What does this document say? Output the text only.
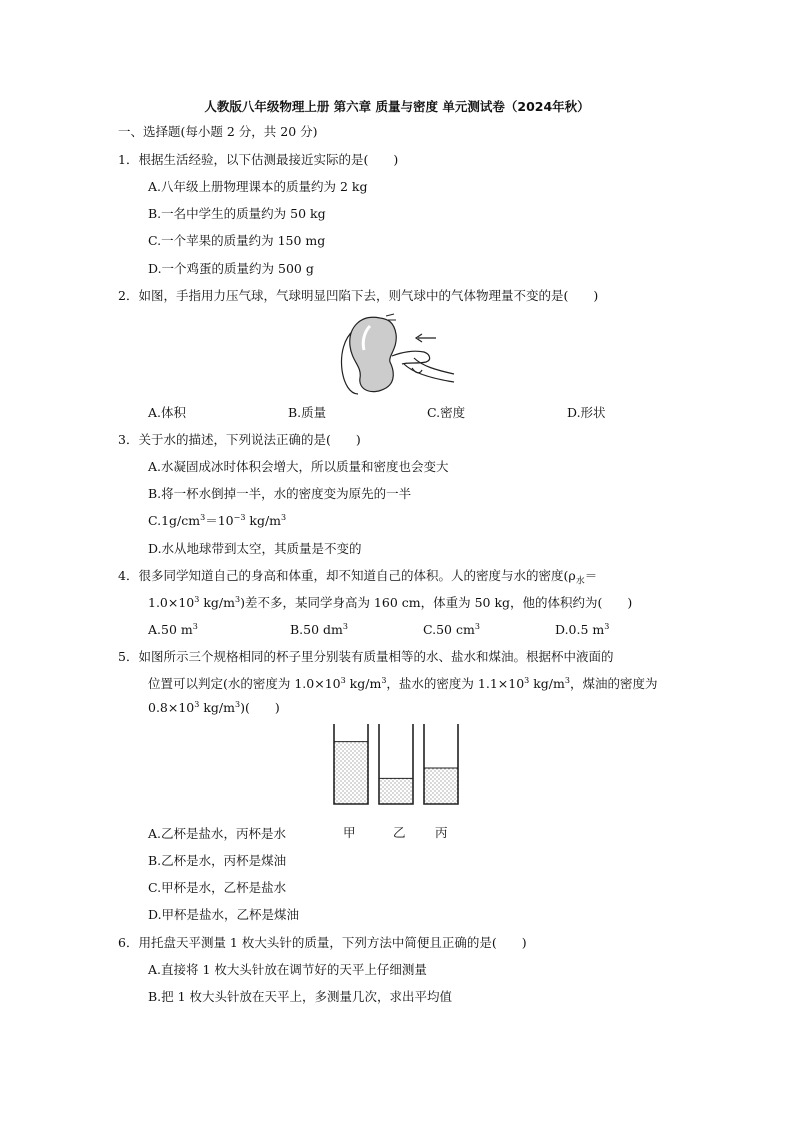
人教版八年级物理上册 第六章 质量与密度 单元测试卷（2024年秋）
一、选择题(每小题 2 分，共 20 分)
1．根据生活经验，以下估测最接近实际的是(　　)
A.八年级上册物理课本的质量约为 2 kg
B.一名中学生的质量约为 50 kg
C.一个苹果的质量约为 150 mg
D.一个鸡蛋的质量约为 500 g
2．如图，手指用力压气球，气球明显凹陷下去，则气球中的气体物理量不变的是(　　)
A.体积	B.质量	C.密度	D.形状
3．关于水的描述，下列说法正确的是(　　)
A.水凝固成冰时体积会增大，所以质量和密度也会变大
B.将一杯水倒掉一半，水的密度变为原先的一半
$C.1g/cm^3=10^{-3}$ $kg/m^3$
D.水从地球带到太空，其质量是不变的
4．很多同学知道自己的身高和体重，却不知道自己的体积。人的密度与水的密度($\rho_水=$
$1.0\times 10^3$ $kg/m^3$)差不多，某同学身高为 160 cm，体重为 50 kg，他的体积约为(　　)
A.50 $m^3$	B.50 $dm^3$	C.50 $cm^3$	D.0.5 $m^3$
5．如图所示三个规格相同的杯子里分别装有质量相等的水、盐水和煤油。根据杯中液面的
位置可以判定(水的密度为 $1.0\times 10^3$ $kg/m^3$，盐水的密度为 $1.1\times 10^3$ $kg/m^3$，煤油的密度为
$0.8\times 10^3$ $kg/m^3$)(　　)
甲	乙 丙
A.乙杯是盐水，丙杯是水
B.乙杯是水，丙杯是煤油
C.甲杯是水，乙杯是盐水
D.甲杯是盐水，乙杯是煤油
6．用托盘天平测量 1 枚大头针的质量，下列方法中简便且正确的是(　　)
A.直接将 1 枚大头针放在调节好的天平上仔细测量
B.把 1 枚大头针放在天平上，多测量几次，求出平均值
